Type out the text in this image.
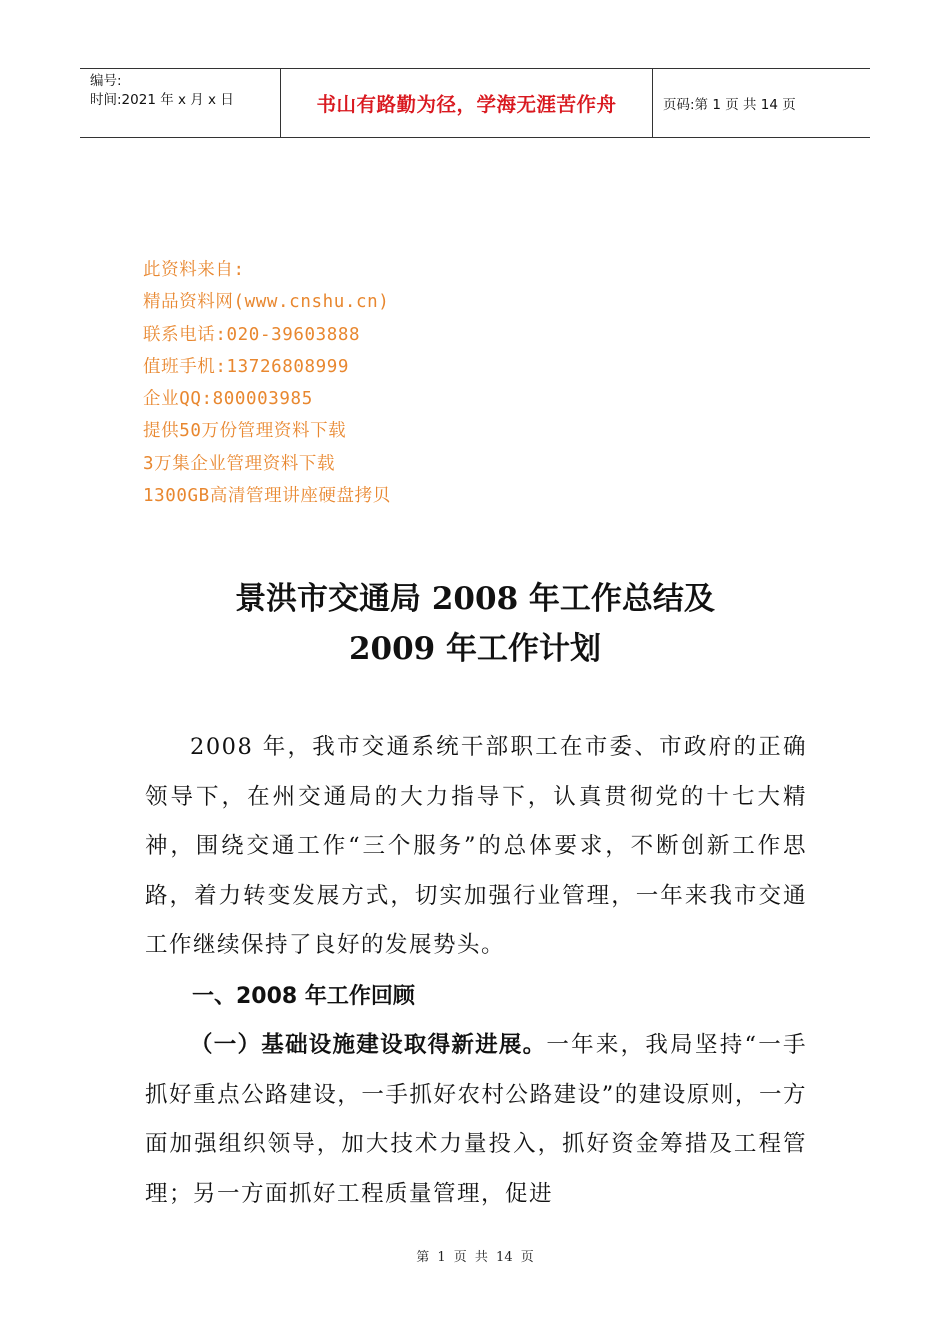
编号:
时间:2021 年 x 月 x 日	书山有路勤为径，学海无涯苦作舟	页码:第 1 页 共 14 页
此资料来自:
精品资料网(www.cnshu.cn)
联系电话:020-39603888
值班手机:13726808999
企业QQ:800003985
提供50万份管理资料下载
3万集企业管理资料下载
1300GB高清管理讲座硬盘拷贝
景洪市交通局 2008 年工作总结及
2009 年工作计划
2008 年，我市交通系统干部职工在市委、市政府的正确领导下，在州交通局的大力指导下，认真贯彻党的十七大精神，围绕交通工作“三个服务”的总体要求，不断创新工作思路，着力转变发展方式，切实加强行业管理，一年来我市交通工作继续保持了良好的发展势头。
一、2008 年工作回顾
（一）基础设施建设取得新进展。一年来，我局坚持“一手抓好重点公路建设，一手抓好农村公路建设”的建设原则，一方面加强组织领导，加大技术力量投入，抓好资金筹措及工程管理；另一方面抓好工程质量管理，促进
第 1 页 共 14 页
